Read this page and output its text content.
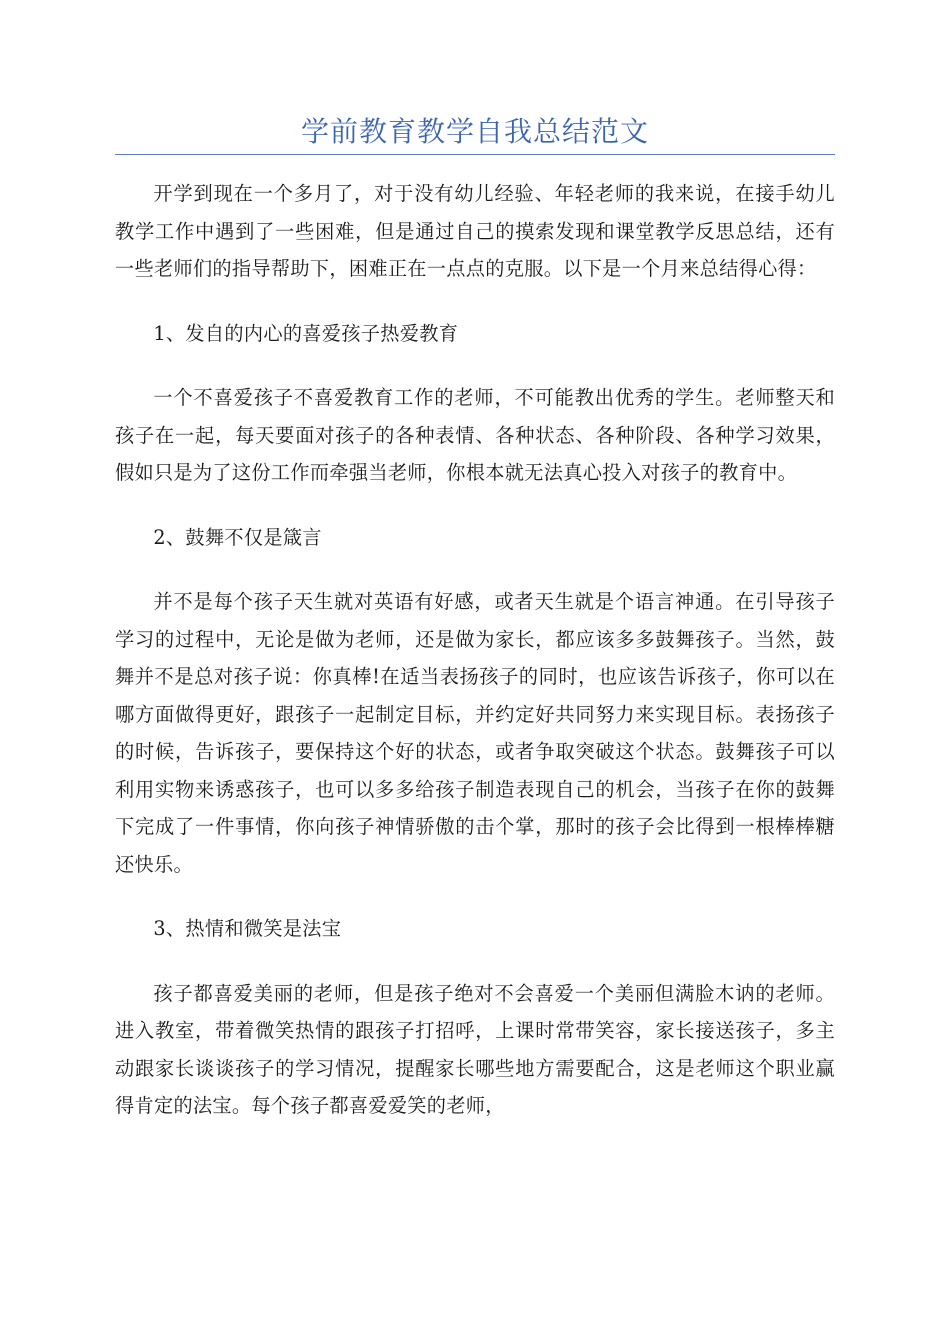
学前教育教学自我总结范文

开学到现在一个多月了，对于没有幼儿经验、年轻老师的我来说，在接手幼儿教学工作中遇到了一些困难，但是通过自己的摸索发现和课堂教学反思总结，还有一些老师们的指导帮助下，困难正在一点点的克服。以下是一个月来总结得心得：

1、发自的内心的喜爱孩子热爱教育

一个不喜爱孩子不喜爱教育工作的老师，不可能教出优秀的学生。老师整天和孩子在一起，每天要面对孩子的各种表情、各种状态、各种阶段、各种学习效果，假如只是为了这份工作而牵强当老师，你根本就无法真心投入对孩子的教育中。

2、鼓舞不仅是箴言

并不是每个孩子天生就对英语有好感，或者天生就是个语言神通。在引导孩子学习的过程中，无论是做为老师，还是做为家长，都应该多多鼓舞孩子。当然，鼓舞并不是总对孩子说：你真棒!在适当表扬孩子的同时，也应该告诉孩子，你可以在哪方面做得更好，跟孩子一起制定目标，并约定好共同努力来实现目标。表扬孩子的时候，告诉孩子，要保持这个好的状态，或者争取突破这个状态。鼓舞孩子可以利用实物来诱惑孩子，也可以多多给孩子制造表现自己的机会，当孩子在你的鼓舞下完成了一件事情，你向孩子神情骄傲的击个掌，那时的孩子会比得到一根棒棒糖还快乐。

3、热情和微笑是法宝

孩子都喜爱美丽的老师，但是孩子绝对不会喜爱一个美丽但满脸木讷的老师。进入教室，带着微笑热情的跟孩子打招呼，上课时常带笑容，家长接送孩子，多主动跟家长谈谈孩子的学习情况，提醒家长哪些地方需要配合，这是老师这个职业赢得肯定的法宝。每个孩子都喜爱爱笑的老师，
